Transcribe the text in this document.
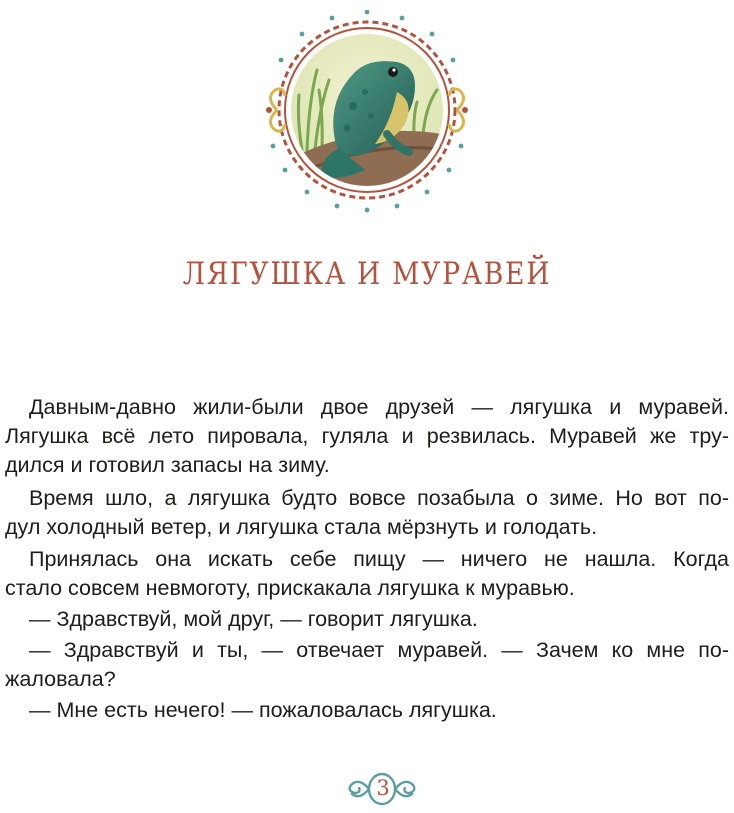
ЛЯГУШКА И МУРАВЕЙ
Давным-давно жили-были двое друзей — лягушка и муравей.
Лягушка всё лето пировала, гуляла и резвилась. Муравей же тру-
дился и готовил запасы на зиму.
Время шло, а лягушка будто вовсе позабыла о зиме. Но вот по-
дул холодный ветер, и лягушка стала мёрзнуть и голодать.
Принялась она искать себе пищу — ничего не нашла. Когда
стало совсем невмоготу, прискакала лягушка к муравью.
— Здравствуй, мой друг, — говорит лягушка.
— Здравствуй и ты, — отвечает муравей. — Зачем ко мне по-
жаловала?
— Мне есть нечего! — пожаловалась лягушка.
3
